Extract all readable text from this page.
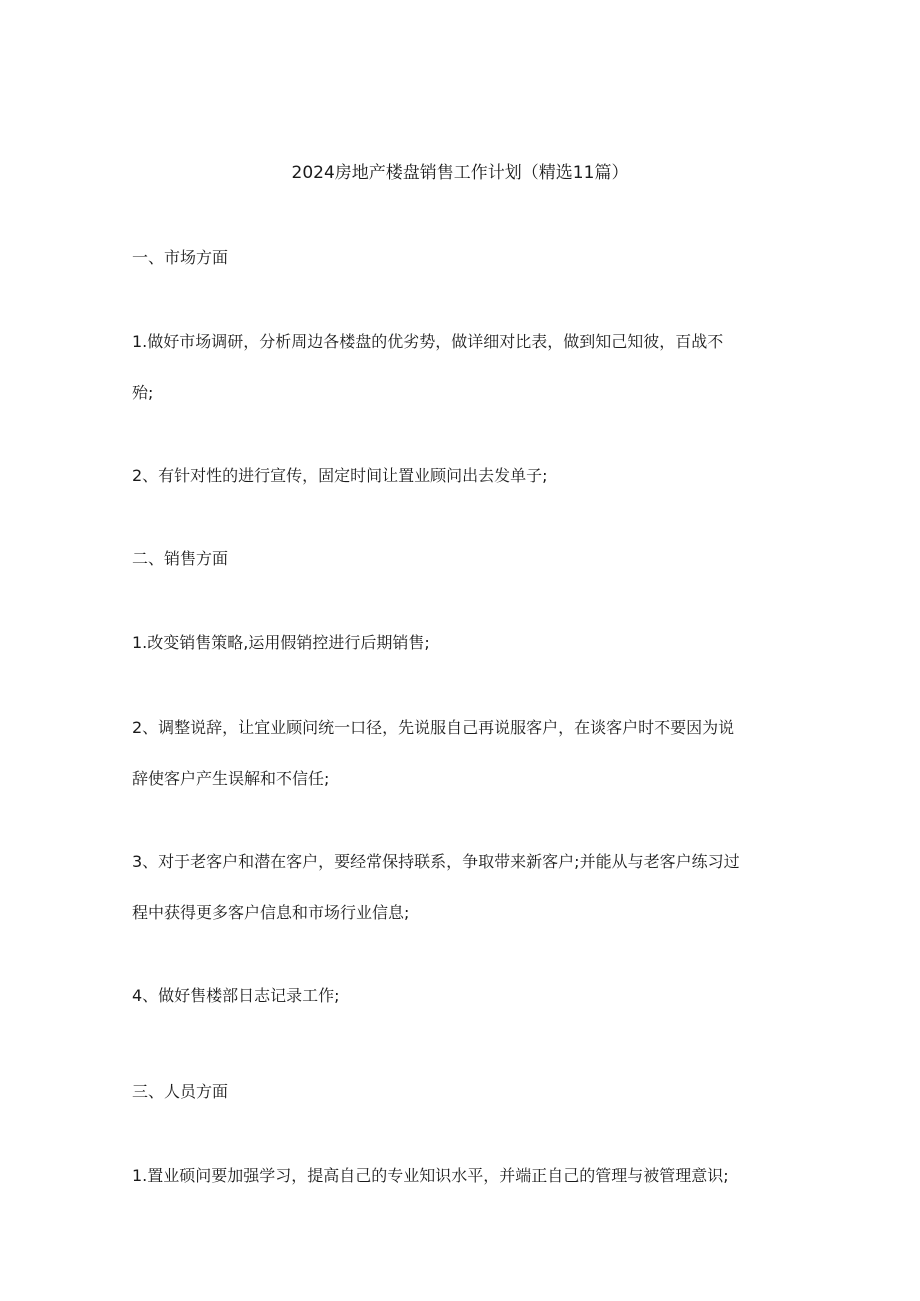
2024房地产楼盘销售工作计划（精选11篇）

一、市场方面

1.做好市场调研，分析周边各楼盘的优劣势，做详细对比表，做到知己知彼，百战不
殆;

2、有针对性的进行宣传，固定时间让置业顾问出去发单子;

二、销售方面

1.改变销售策略,运用假销控进行后期销售;

2、调整说辞，让宜业顾问统一口径，先说服自己再说服客户，在谈客户时不要因为说
辞使客户产生误解和不信任;

3、对于老客户和潜在客户，要经常保持联系，争取带来新客户;并能从与老客户练习过
程中获得更多客户信息和市场行业信息;

4、做好售楼部日志记录工作;

三、人员方面

1.置业硕问要加强学习，提高自己的专业知识水平，并端正自己的管理与被管理意识;
